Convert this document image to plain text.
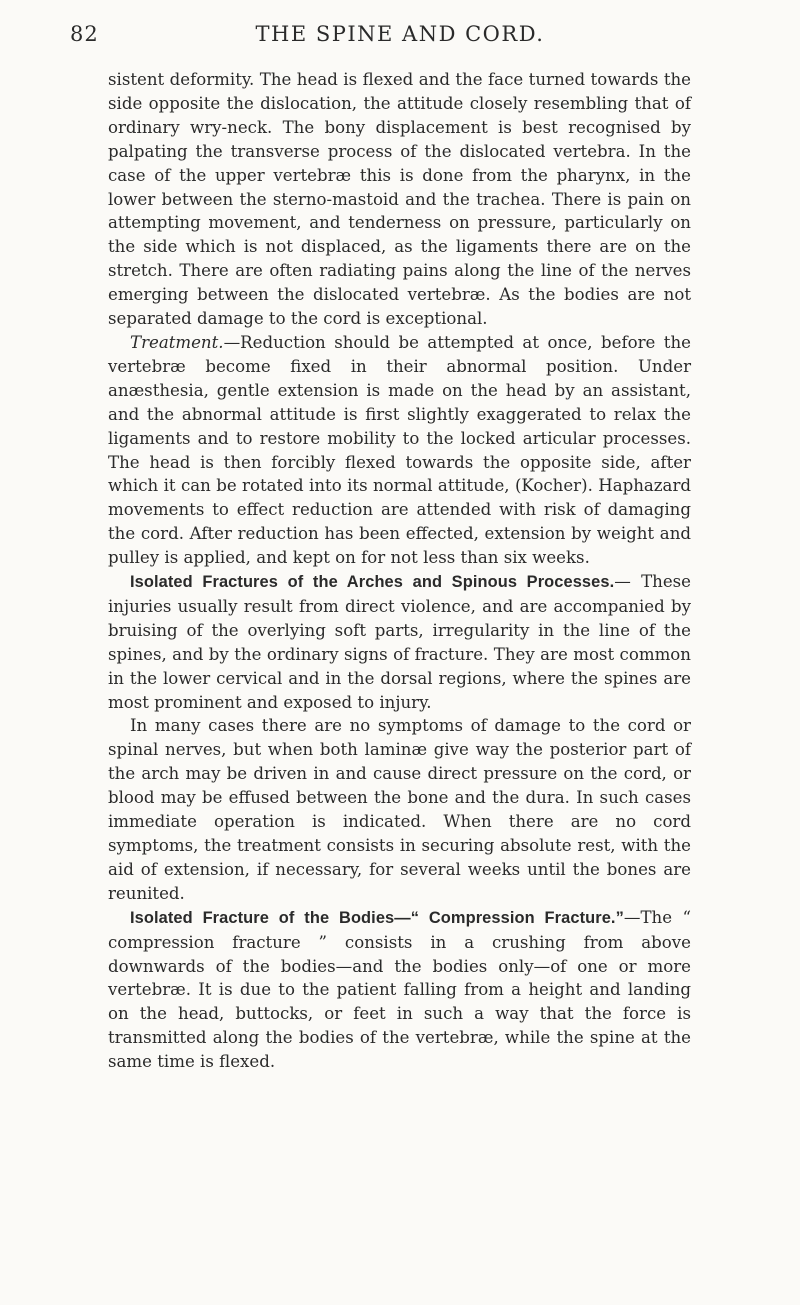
82	THE SPINE AND CORD.

sistent deformity. The head is flexed and the face turned towards the side opposite the dislocation, the attitude closely resembling that of ordinary wry-neck. The bony displacement is best recognised by palpating the transverse process of the dislocated vertebra. In the case of the upper vertebræ this is done from the pharynx, in the lower between the sterno-mastoid and the trachea. There is pain on attempting movement, and tenderness on pressure, particularly on the side which is not displaced, as the ligaments there are on the stretch. There are often radiating pains along the line of the nerves emerging between the dislocated vertebræ. As the bodies are not separated damage to the cord is exceptional.

Treatment.—Reduction should be attempted at once, before the vertebræ become fixed in their abnormal position. Under anæsthesia, gentle extension is made on the head by an assistant, and the abnormal attitude is first slightly exaggerated to relax the ligaments and to restore mobility to the locked articular processes. The head is then forcibly flexed towards the opposite side, after which it can be rotated into its normal attitude, (Kocher). Haphazard movements to effect reduction are attended with risk of damaging the cord. After reduction has been effected, extension by weight and pulley is applied, and kept on for not less than six weeks.

Isolated Fractures of the Arches and Spinous Processes.— These injuries usually result from direct violence, and are accompanied by bruising of the overlying soft parts, irregularity in the line of the spines, and by the ordinary signs of fracture. They are most common in the lower cervical and in the dorsal regions, where the spines are most prominent and exposed to injury.

In many cases there are no symptoms of damage to the cord or spinal nerves, but when both laminæ give way the posterior part of the arch may be driven in and cause direct pressure on the cord, or blood may be effused between the bone and the dura. In such cases immediate operation is indicated. When there are no cord symptoms, the treatment consists in securing absolute rest, with the aid of extension, if necessary, for several weeks until the bones are reunited.

Isolated Fracture of the Bodies—“ Compression Fracture.”—The “ compression fracture ” consists in a crushing from above downwards of the bodies—and the bodies only—of one or more vertebræ. It is due to the patient falling from a height and landing on the head, buttocks, or feet in such a way that the force is transmitted along the bodies of the vertebræ, while the spine at the same time is flexed.
